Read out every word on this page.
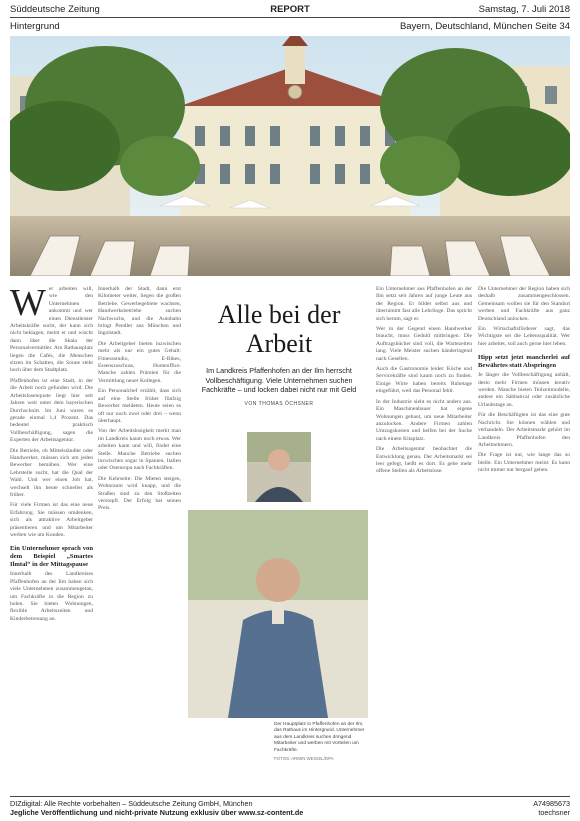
Süddeutsche Zeitung	REPORT	Samstag, 7. Juli 2018
Hintergrund	Bayern, Deutschland, München Seite 34
W er arbeiten will, wie den Unternehmen ankommt und wer einen Dienstleister Arbeitskräfte sucht, der kann sich nicht beklagen, meint er und wischt dann über die Skala der Personalvermittler. Am Rathausplatz liegen die Cafés, die Menschen sitzen im Schatten, die Sonne steht hoch über dem Stadtplatz.

Pfaffenhofen ist eine Stadt, in der die Arbeit noch gefunden wird. Die Arbeitslosenquote liegt hier seit Jahren weit unter dem bayerischen Durchschnitt. Im Juni waren es gerade einmal 1,4 Prozent. Das bedeutet praktisch Vollbeschäftigung, sagen die Experten der Arbeitsagentur.

Die Betriebe, ob Mittelständler oder Handwerker, müssen sich um jeden Bewerber bemühen. Wer eine Lehrstelle sucht, hat die Qual der Wahl. Und wer einen Job hat, wechselt ihn heute schneller als früher.

Für viele Firmen ist das eine neue Erfahrung. Sie müssen umdenken, sich als attraktive Arbeitgeber präsentieren und um Mitarbeiter werben wie um Kunden.

Ein Unternehmer sprach von dem Beispiel „Smartes Ilmtal“ in der Mittagspause

Innerhalb des Landkreises Pfaffenhofen an der Ilm haben sich viele Unternehmen zusammengetan, um Fachkräfte in die Region zu holen. Sie bieten Wohnungen, flexible Arbeitszeiten und Kinderbetreuung an.

Innerhalb der Stadt, dann erst Kilometer weiter, liegen die großen Betriebe. Gewerbegebiete wachsen, Handwerksbetriebe suchen Nachwuchs, und die Autobahn bringt Pendler aus München und Ingolstadt.

Die Arbeitgeber bieten inzwischen mehr als nur ein gutes Gehalt: Fitnessstudio, E-Bikes, Essenszuschuss, Homeoffice. Manche zahlen Prämien für die Vermittlung neuer Kollegen.

Ein Personalchef erzählt, dass sich auf eine Stelle früher fünfzig Bewerber meldeten. Heute seien es oft nur noch zwei oder drei – wenn überhaupt.

Von der Arbeitslosigkeit merkt man im Landkreis kaum noch etwas. Wer arbeiten kann und will, findet eine Stelle. Manche Betriebe suchen inzwischen sogar in Spanien, Italien oder Osteuropa nach Fachkräften.

Die Kehrseite: Die Mieten steigen, Wohnraum wird knapp, und die Straßen sind zu den Stoßzeiten verstopft. Der Erfolg hat seinen Preis.

Alle bei der
Arbeit
Im Landkreis Pfaffenhofen an der Ilm herrscht Vollbeschäftigung. Viele Unternehmen suchen Fachkräfte – und locken dabei nicht nur mit Geld
VON THOMAS ÖCHSNER
Der Hauptplatz in Pfaffenhofen an der Ilm, das Rathaus im Hintergrund. Unternehmer aus dem Landkreis suchen dringend Mitarbeiter und werben mit Vorteilen um Fachkräfte.
FOTOS: ARMIN WEIGEL/DPA

Ein Unternehmer aus Pfaffenhofen an der Ilm setzt seit Jahren auf junge Leute aus der Region. Er bildet selbst aus und übernimmt fast alle Lehrlinge. Das spricht sich herum, sagt er.

Wer in der Gegend einen Handwerker braucht, muss Geduld mitbringen. Die Auftragsbücher sind voll, die Wartezeiten lang. Viele Meister suchen händeringend nach Gesellen.

Auch die Gastronomie leidet: Köche und Servicekräfte sind kaum noch zu finden. Einige Wirte haben bereits Ruhetage eingeführt, weil das Personal fehlt.

In der Industrie sieht es nicht anders aus. Ein Maschinenbauer hat eigene Wohnungen gebaut, um neue Mitarbeiter anzulocken. Andere Firmen zahlen Umzugskosten und helfen bei der Suche nach einem Kitaplatz.

Die Arbeitsagentur beobachtet die Entwicklung genau. Der Arbeitsmarkt sei leer gefegt, heißt es dort. Es gebe mehr offene Stellen als Arbeitslose.

Die Unternehmer der Region haben sich deshalb zusammengeschlossen. Gemeinsam wollen sie für den Standort werben und Fachkräfte aus ganz Deutschland anlocken.

Ein Wirtschaftsförderer sagt, das Wichtigste sei die Lebensqualität. Wer hier arbeitet, soll auch gerne hier leben.

Hipp setzt jetzt mancherlei auf Bewährtes statt Abspringen

Je länger die Vollbeschäftigung anhält, desto mehr Firmen müssen kreativ werden. Manche bieten Teilzeitmodelle, andere ein Sabbatical oder zusätzliche Urlaubstage an.

Für die Beschäftigten ist das eine gute Nachricht. Sie können wählen und verhandeln. Der Arbeitsmarkt gehört im Landkreis Pfaffenhofen den Arbeitnehmern.

Die Frage ist nur, wie lange das so bleibt. Ein Unternehmer meint: Es kann nicht immer nur bergauf gehen.

DIZdigital: Alle Rechte vorbehalten – Süddeutsche Zeitung GmbH, München
Jegliche Veröffentlichung und nicht-private Nutzung exklusiv über www.sz-content.de
A74985673
toechsner
